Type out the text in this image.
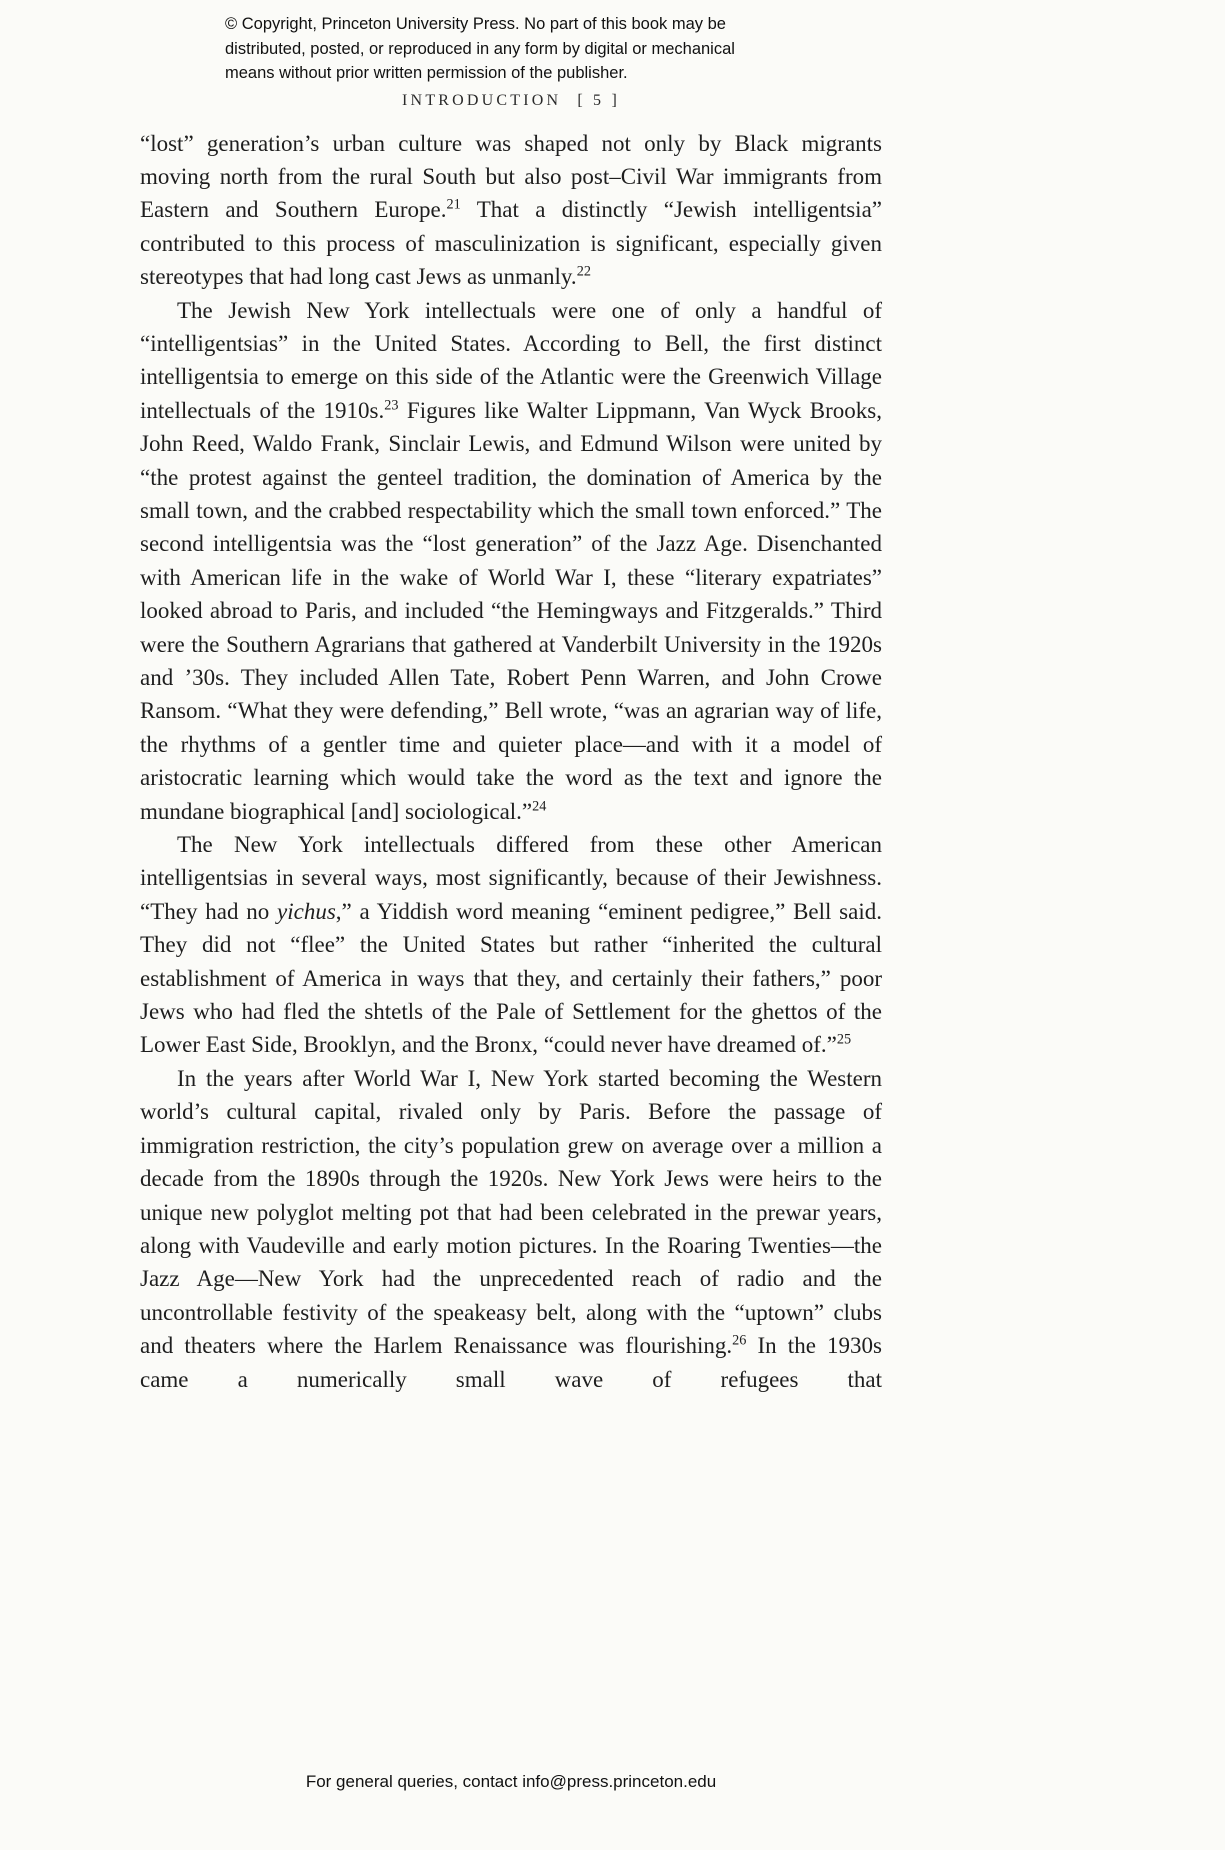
© Copyright, Princeton University Press. No part of this book may be
distributed, posted, or reproduced in any form by digital or mechanical
means without prior written permission of the publisher.
INTRODUCTION [ 5 ]

“lost” generation’s urban culture was shaped not only by Black migrants moving north from the rural South but also post–Civil War immigrants from Eastern and Southern Europe.$^{21}$ That a distinctly “Jewish intelligentsia” contributed to this process of masculinization is significant, especially given stereotypes that had long cast Jews as unmanly.$^{22}$

The Jewish New York intellectuals were one of only a handful of “intelligentsias” in the United States. According to Bell, the first distinct intelligentsia to emerge on this side of the Atlantic were the Greenwich Village intellectuals of the 1910s.$^{23}$ Figures like Walter Lippmann, Van Wyck Brooks, John Reed, Waldo Frank, Sinclair Lewis, and Edmund Wilson were united by “the protest against the genteel tradition, the domination of America by the small town, and the crabbed respectability which the small town enforced.” The second intelligentsia was the “lost generation” of the Jazz Age. Disenchanted with American life in the wake of World War I, these “literary expatriates” looked abroad to Paris, and included “the Hemingways and Fitzgeralds.” Third were the Southern Agrarians that gathered at Vanderbilt University in the 1920s and ’30s. They included Allen Tate, Robert Penn Warren, and John Crowe Ransom. “What they were defending,” Bell wrote, “was an agrarian way of life, the rhythms of a gentler time and quieter place—and with it a model of aristocratic learning which would take the word as the text and ignore the mundane biographical [and] sociological.”$^{24}$

The New York intellectuals differed from these other American intelligentsias in several ways, most significantly, because of their Jewishness. “They had no yichus,” a Yiddish word meaning “eminent pedigree,” Bell said. They did not “flee” the United States but rather “inherited the cultural establishment of America in ways that they, and certainly their fathers,” poor Jews who had fled the shtetls of the Pale of Settlement for the ghettos of the Lower East Side, Brooklyn, and the Bronx, “could never have dreamed of.”$^{25}$

In the years after World War I, New York started becoming the Western world’s cultural capital, rivaled only by Paris. Before the passage of immigration restriction, the city’s population grew on average over a million a decade from the 1890s through the 1920s. New York Jews were heirs to the unique new polyglot melting pot that had been celebrated in the prewar years, along with Vaudeville and early motion pictures. In the Roaring Twenties—the Jazz Age—New York had the unprecedented reach of radio and the uncontrollable festivity of the speakeasy belt, along with the “uptown” clubs and theaters where the Harlem Renaissance was flourishing.$^{26}$ In the 1930s came a numerically small wave of refugees that

For general queries, contact info@press.princeton.edu
